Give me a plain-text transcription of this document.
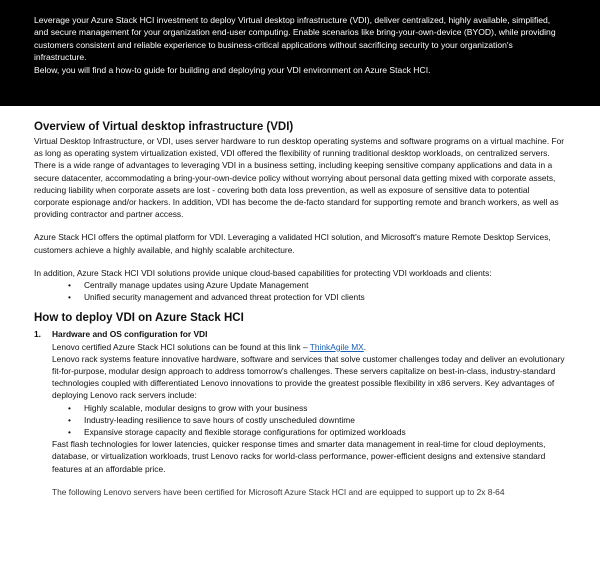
Leverage your Azure Stack HCI investment to deploy Virtual desktop infrastructure (VDI), deliver centralized, highly available, simplified, and secure management for your organization end-user computing. Enable scenarios like bring-your-own-device (BYOD), while providing customers consistent and reliable experience to business-critical applications without sacrificing security to your organization's infrastructure.

Below, you will find a how-to guide for building and deploying your VDI environment on Azure Stack HCI.

Overview of Virtual desktop infrastructure (VDI)

Virtual Desktop Infrastructure, or VDI, uses server hardware to run desktop operating systems and software programs on a virtual machine. For as long as operating system virtualization existed, VDI offered the flexibility of running traditional desktop workloads, on centralized servers. There is a wide range of advantages to leveraging VDI in a business setting, including keeping sensitive company applications and data in a secure datacenter, accommodating a bring-your-own-device policy without worrying about personal data getting mixed with corporate assets, reducing liability when corporate assets are lost - covering both data loss prevention, as well as exposure of sensitive data to potential corporate espionage and/or hackers. In addition, VDI has become the de-facto standard for supporting remote and branch workers, as well as providing contractor and partner access.

Azure Stack HCI offers the optimal platform for VDI. Leveraging a validated HCI solution, and Microsoft's mature Remote Desktop Services, customers achieve a highly available, and highly scalable architecture.

In addition, Azure Stack HCI VDI solutions provide unique cloud-based capabilities for protecting VDI workloads and clients:

• Centrally manage updates using Azure Update Management
• Unified security management and advanced threat protection for VDI clients
How to deploy VDI on Azure Stack HCI
1. Hardware and OS configuration for VDI
Lenovo certified Azure Stack HCI solutions can be found at this link – ThinkAgile MX.

Lenovo rack systems feature innovative hardware, software and services that solve customer challenges today and deliver an evolutionary fit-for-purpose, modular design approach to address tomorrow's challenges. These servers capitalize on best-in-class, industry-standard technologies coupled with differentiated Lenovo innovations to provide the greatest possible flexibility in x86 servers. Key advantages of deploying Lenovo rack servers include:

• Highly scalable, modular designs to grow with your business
• Industry-leading resilience to save hours of costly unscheduled downtime
• Expansive storage capacity and flexible storage configurations for optimized workloads

Fast flash technologies for lower latencies, quicker response times and smarter data management in real-time for cloud deployments, database, or virtualization workloads, trust Lenovo racks for world-class performance, power-efficient designs and extensive standard features at an affordable price.

The following Lenovo servers have been certified for Microsoft Azure Stack HCI and are equipped to support up to 2x 8-64
